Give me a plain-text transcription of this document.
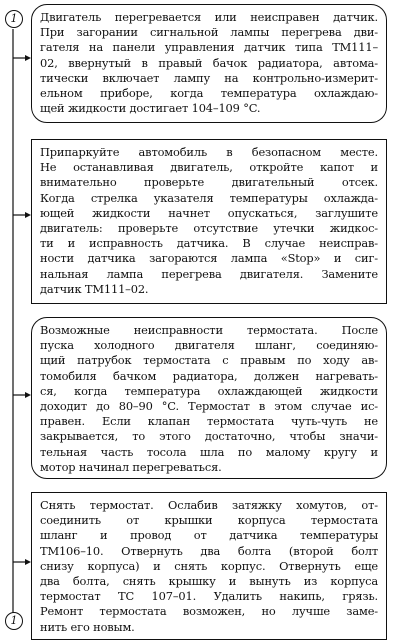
1
1
Двигатель перегревается или неисправен датчик.
При загорании сигнальной лампы перегрева дви-
гателя на панели управления датчик типа ТМ111–
02, ввернутый в правый бачок радиатора, автома-
тически включает лампу на контрольно-измерит-
ельном приборе, когда температура охлаждаю-
щей жидкости достигает 104–109 °C.
Припаркуйте автомобиль в безопасном месте.
Не останавливая двигатель, откройте капот и
внимательно проверьте двигательный отсек.
Когда стрелка указателя температуры охлажда-
ющей жидкости начнет опускаться, заглушите
двигатель: проверьте отсутствие утечки жидкос-
ти и исправность датчика. В случае неисправ-
ности датчика загораются лампа «Stop» и сиг-
нальная лампа перегрева двигателя. Замените
датчик ТМ111–02.
Возможные неисправности термостата. После
пуска холодного двигателя шланг, соединяю-
щий патрубок термостата с правым по ходу ав-
томобиля бачком радиатора, должен нагревать-
ся, когда температура охлаждающей жидкости
доходит до 80–90 °C. Термостат в этом случае ис-
правен. Если клапан термостата чуть-чуть не
закрывается, то этого достаточно, чтобы значи-
тельная часть тосола шла по малому кругу и
мотор начинал перегреваться.
Снять термостат. Ослабив затяжку хомутов, от-
соединить от крышки корпуса термостата
шланг и провод от датчика температуры
ТМ106–10. Отвернуть два болта (второй болт
снизу корпуса) и снять корпус. Отвернуть еще
два болта, снять крышку и вынуть из корпуса
термостат ТС 107–01. Удалить накипь, грязь.
Ремонт термостата возможен, но лучше заме-
нить его новым.
